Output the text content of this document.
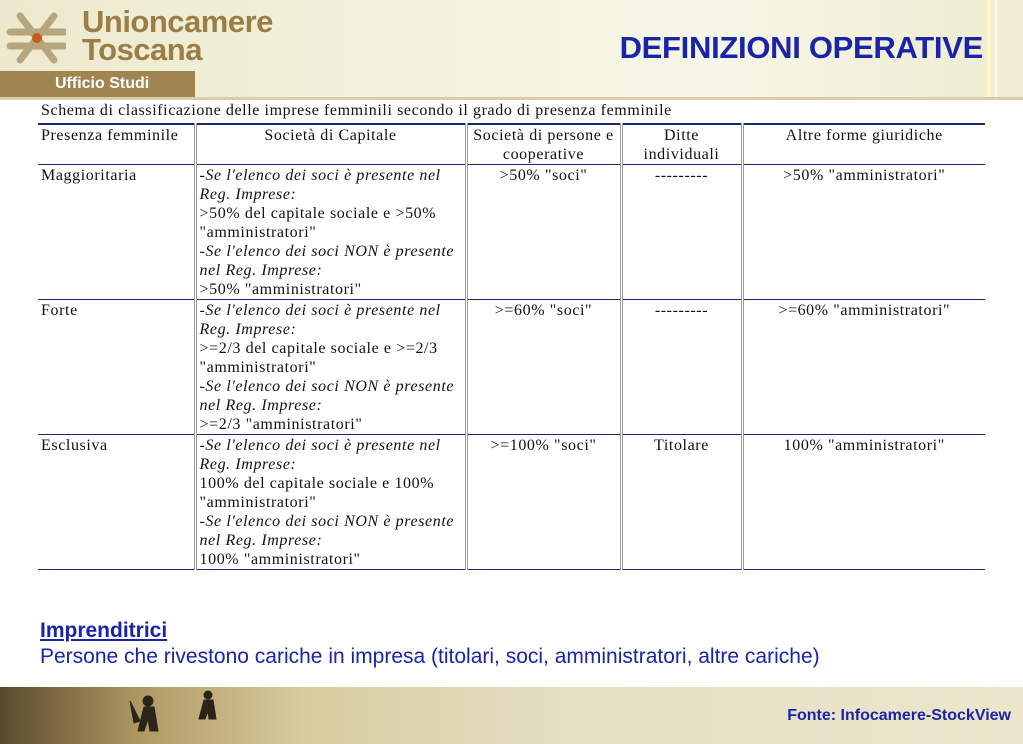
Unioncamere
Toscana
Ufficio Studi
DEFINIZIONI OPERATIVE
Schema di classificazione delle imprese femminili secondo il grado di presenza femminile
Presenza femminile	Società di Capitale	Società di persone e cooperative	Ditte individuali	Altre forme giuridiche
Maggioritaria	-Se l'elenco dei soci è presente nel Reg. Imprese:
>50% del capitale sociale e >50% "amministratori"
-Se l'elenco dei soci NON è presente nel Reg. Imprese:
>50% "amministratori"	>50% "soci"	---------	>50% "amministratori"
Forte	-Se l'elenco dei soci è presente nel Reg. Imprese:
>=2/3 del capitale sociale e >=2/3 "amministratori"
-Se l'elenco dei soci NON è presente nel Reg. Imprese:
>=2/3 "amministratori"	>=60% "soci"	---------	>=60% "amministratori"
Esclusiva	-Se l'elenco dei soci è presente nel Reg. Imprese:
100% del capitale sociale e 100% "amministratori"
-Se l'elenco dei soci NON è presente nel Reg. Imprese:
100% "amministratori"	>=100% "soci"	Titolare	100% "amministratori"
Imprenditrici
Persone che rivestono cariche in impresa (titolari, soci, amministratori, altre cariche)
Fonte: Infocamere-StockView
